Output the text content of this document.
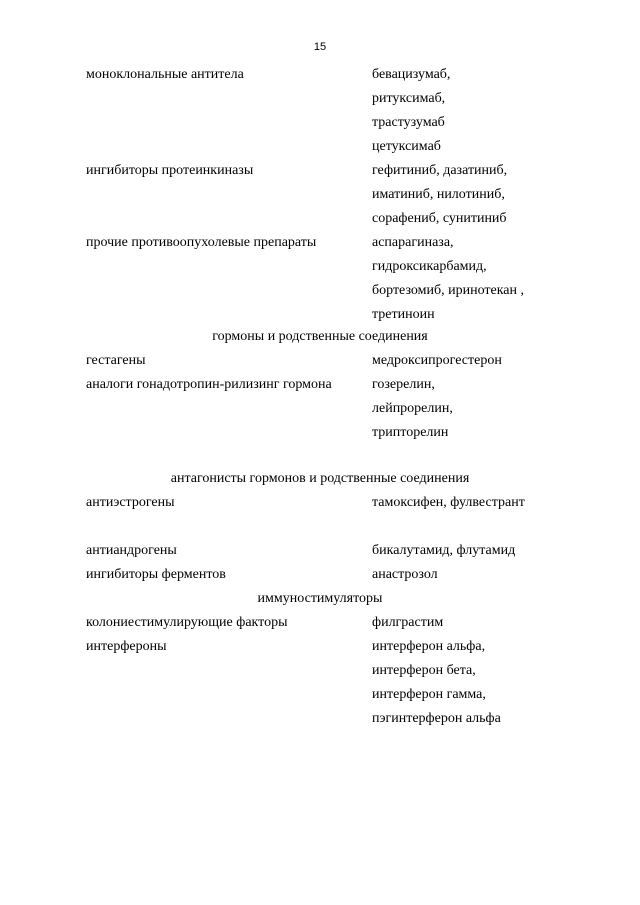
15
моноклональные антитела	бевацизумаб,
ритуксимаб,
трастузумаб
цетуксимаб
ингибиторы протеинкиназы	гефитиниб, дазатиниб,
иматиниб, нилотиниб,
сорафениб, сунитиниб
прочие противоопухолевые препараты	аспарагиназа,
гидроксикарбамид,
бортезомиб, иринотекан ,
третиноин
гормоны и родственные соединения
гестагены	медроксипрогестерон
аналоги гонадотропин-рилизинг гормона	гозерелин,
лейпрорелин,
трипторелин
антагонисты гормонов и родственные соединения
антиэстрогены	тамоксифен, фулвестрант
антиандрогены	бикалутамид, флутамид
ингибиторы ферментов	анастрозол
иммуностимуляторы
колониестимулирующие факторы	филграстим
интерфероны	интерферон альфа,
интерферон бета,
интерферон гамма,
пэгинтерферон альфа
